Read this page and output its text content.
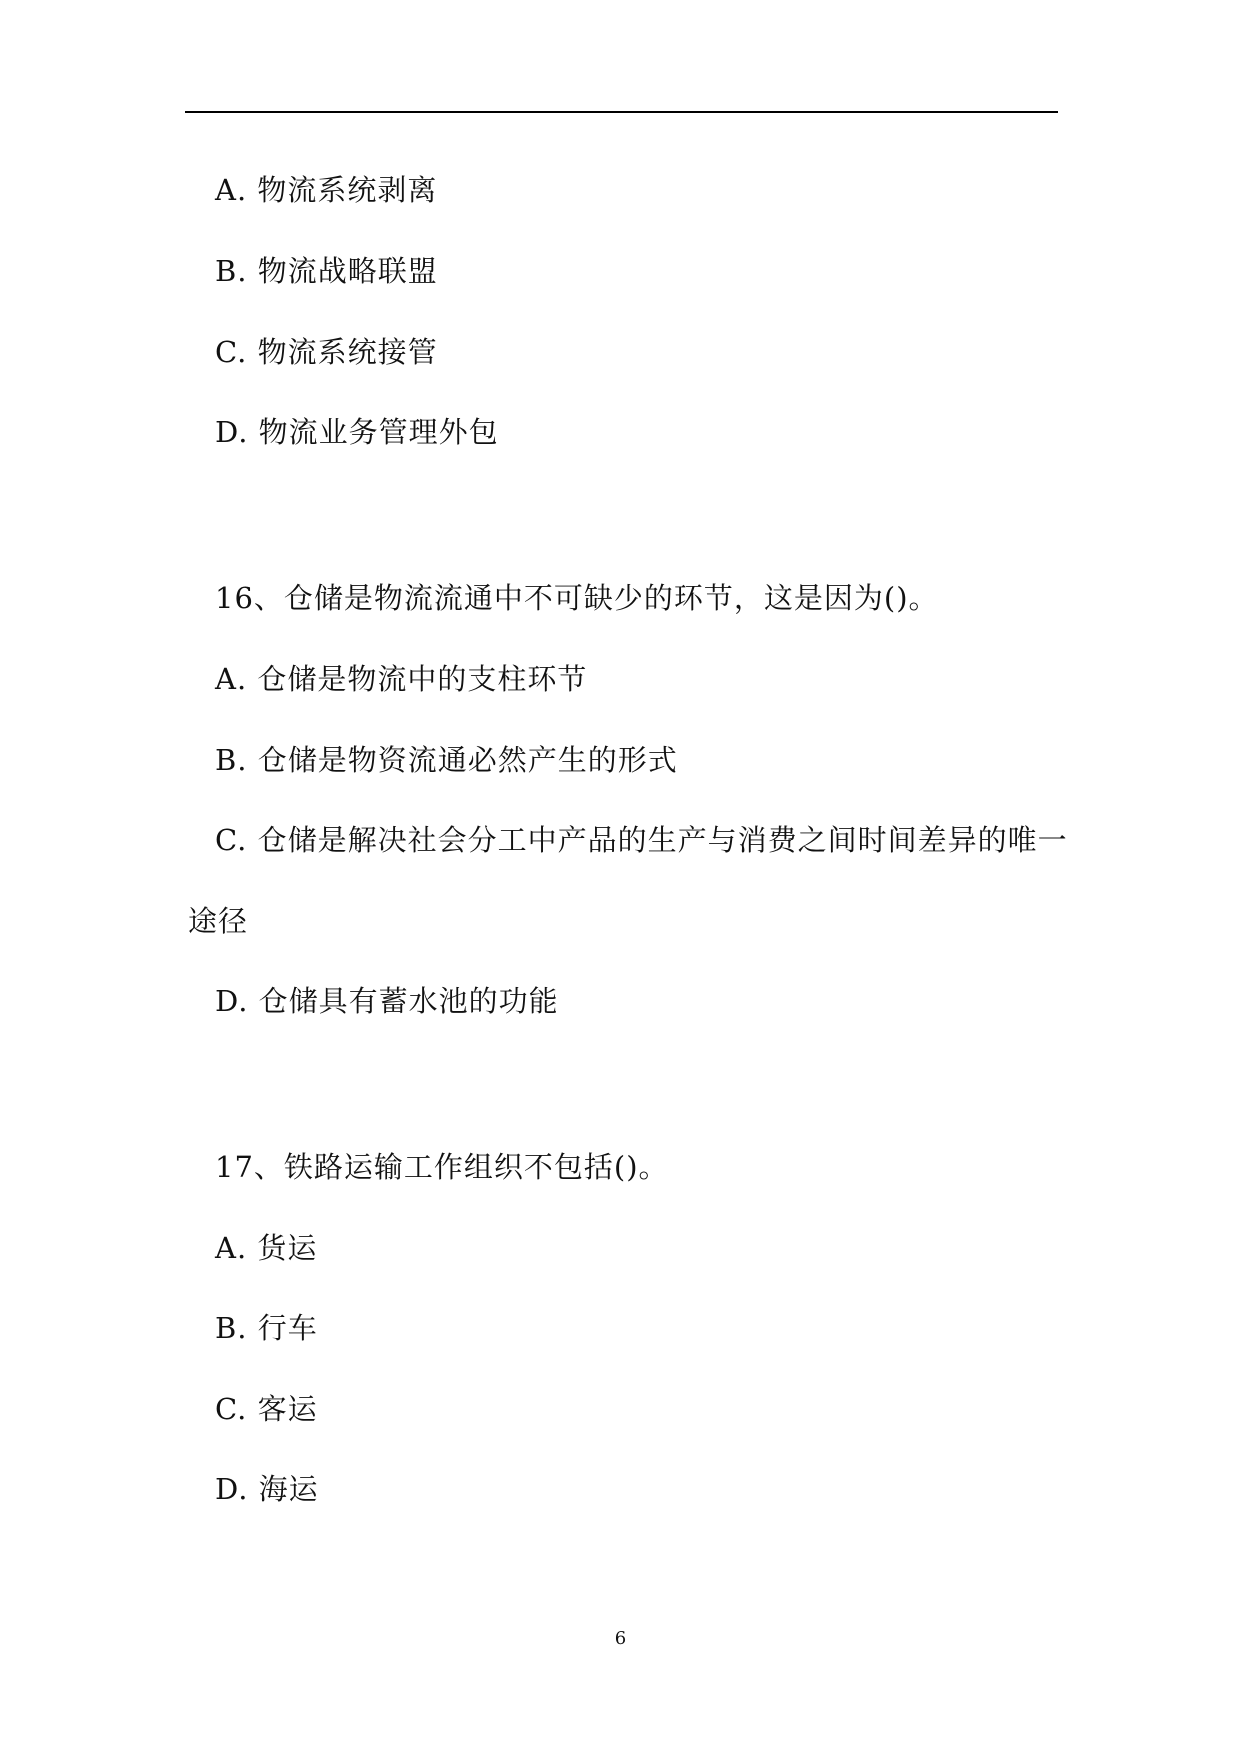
A. 物流系统剥离
B. 物流战略联盟
C. 物流系统接管
D. 物流业务管理外包
16、仓储是物流流通中不可缺少的环节，这是因为()。
A. 仓储是物流中的支柱环节
B. 仓储是物资流通必然产生的形式
C. 仓储是解决社会分工中产品的生产与消费之间时间差异的唯一
途径
D. 仓储具有蓄水池的功能
17、铁路运输工作组织不包括()。
A. 货运
B. 行车
C. 客运
D. 海运
6
